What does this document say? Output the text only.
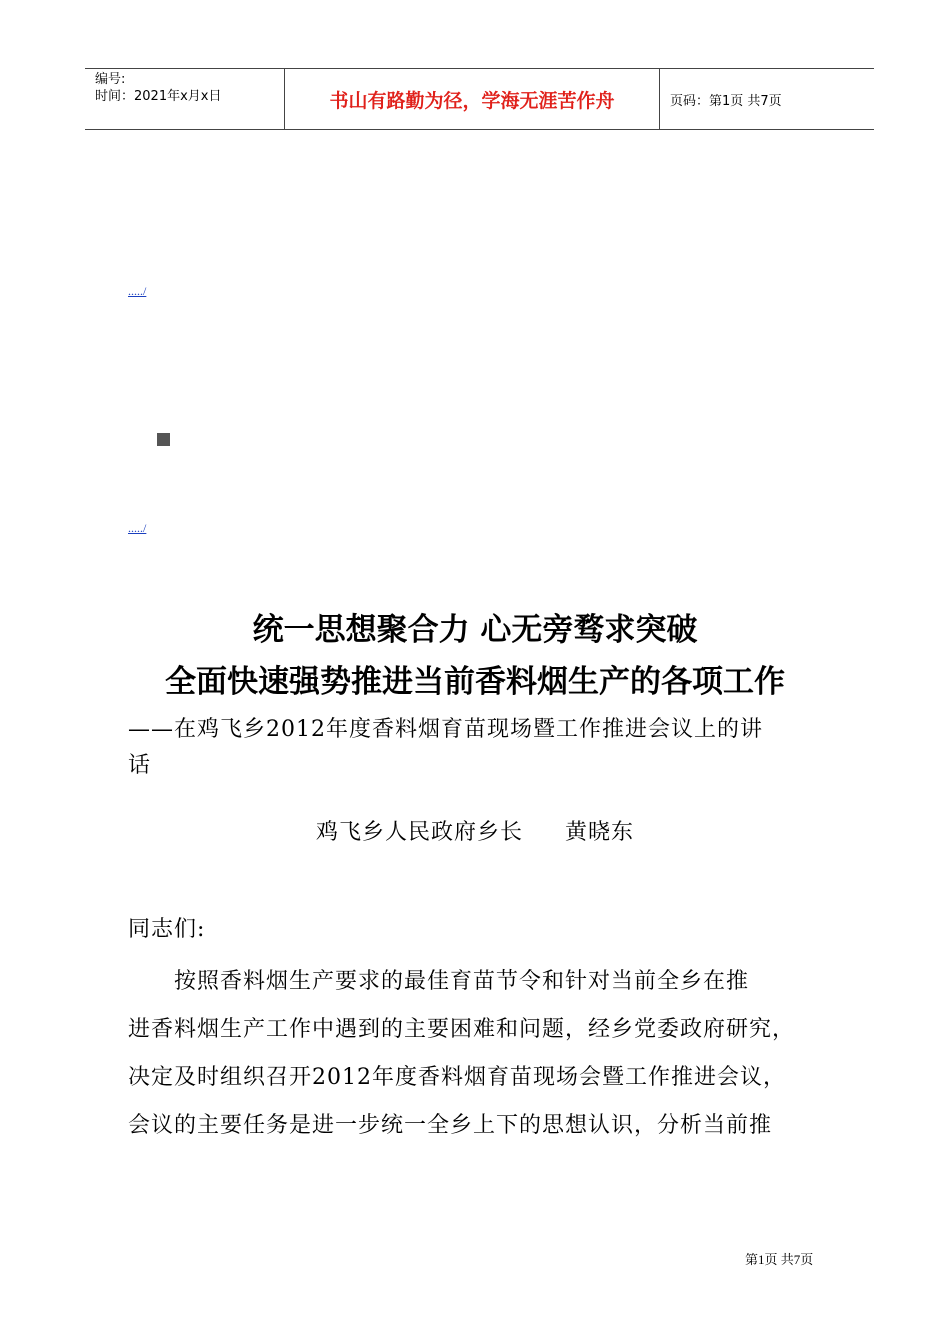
编号:
时间：2021年x月x日	书山有路勤为径，学海无涯苦作舟	页码：第1页 共7页
...../
...../
统一思想聚合力 心无旁骛求突破
全面快速强势推进当前香料烟生产的各项工作
——在鸡飞乡2012年度香料烟育苗现场暨工作推进会议上的讲
话
鸡飞乡人民政府乡长 黄晓东
同志们:
按照香料烟生产要求的最佳育苗节令和针对当前全乡在推
进香料烟生产工作中遇到的主要困难和问题，经乡党委政府研究，
决定及时组织召开2012年度香料烟育苗现场会暨工作推进会议，
会议的主要任务是进一步统一全乡上下的思想认识，分析当前推
第1页 共7页
